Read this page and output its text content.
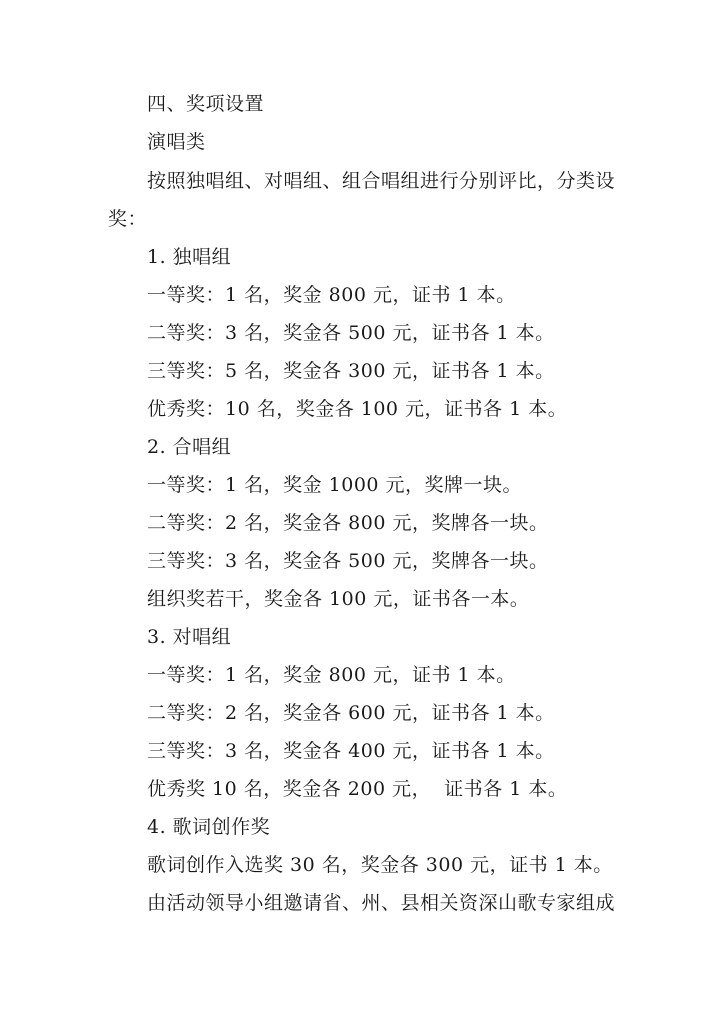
四、奖项设置
演唱类
按照独唱组、对唱组、组合唱组进行分别评比，分类设
奖：
1. 独唱组
一等奖：1 名，奖金 800 元，证书 1 本。
二等奖：3 名，奖金各 500 元，证书各 1 本。
三等奖：5 名，奖金各 300 元，证书各 1 本。
优秀奖：10 名，奖金各 100 元，证书各 1 本。
2. 合唱组
一等奖：1 名，奖金 1000 元，奖牌一块。
二等奖：2 名，奖金各 800 元，奖牌各一块。
三等奖：3 名，奖金各 500 元，奖牌各一块。
组织奖若干，奖金各 100 元，证书各一本。
3. 对唱组
一等奖：1 名，奖金 800 元，证书 1 本。
二等奖：2 名，奖金各 600 元，证书各 1 本。
三等奖：3 名，奖金各 400 元，证书各 1 本。
优秀奖 10 名，奖金各 200 元，  证书各 1 本。
4. 歌词创作奖
歌词创作入选奖 30 名，奖金各 300 元，证书 1 本。
由活动领导小组邀请省、州、县相关资深山歌专家组成
